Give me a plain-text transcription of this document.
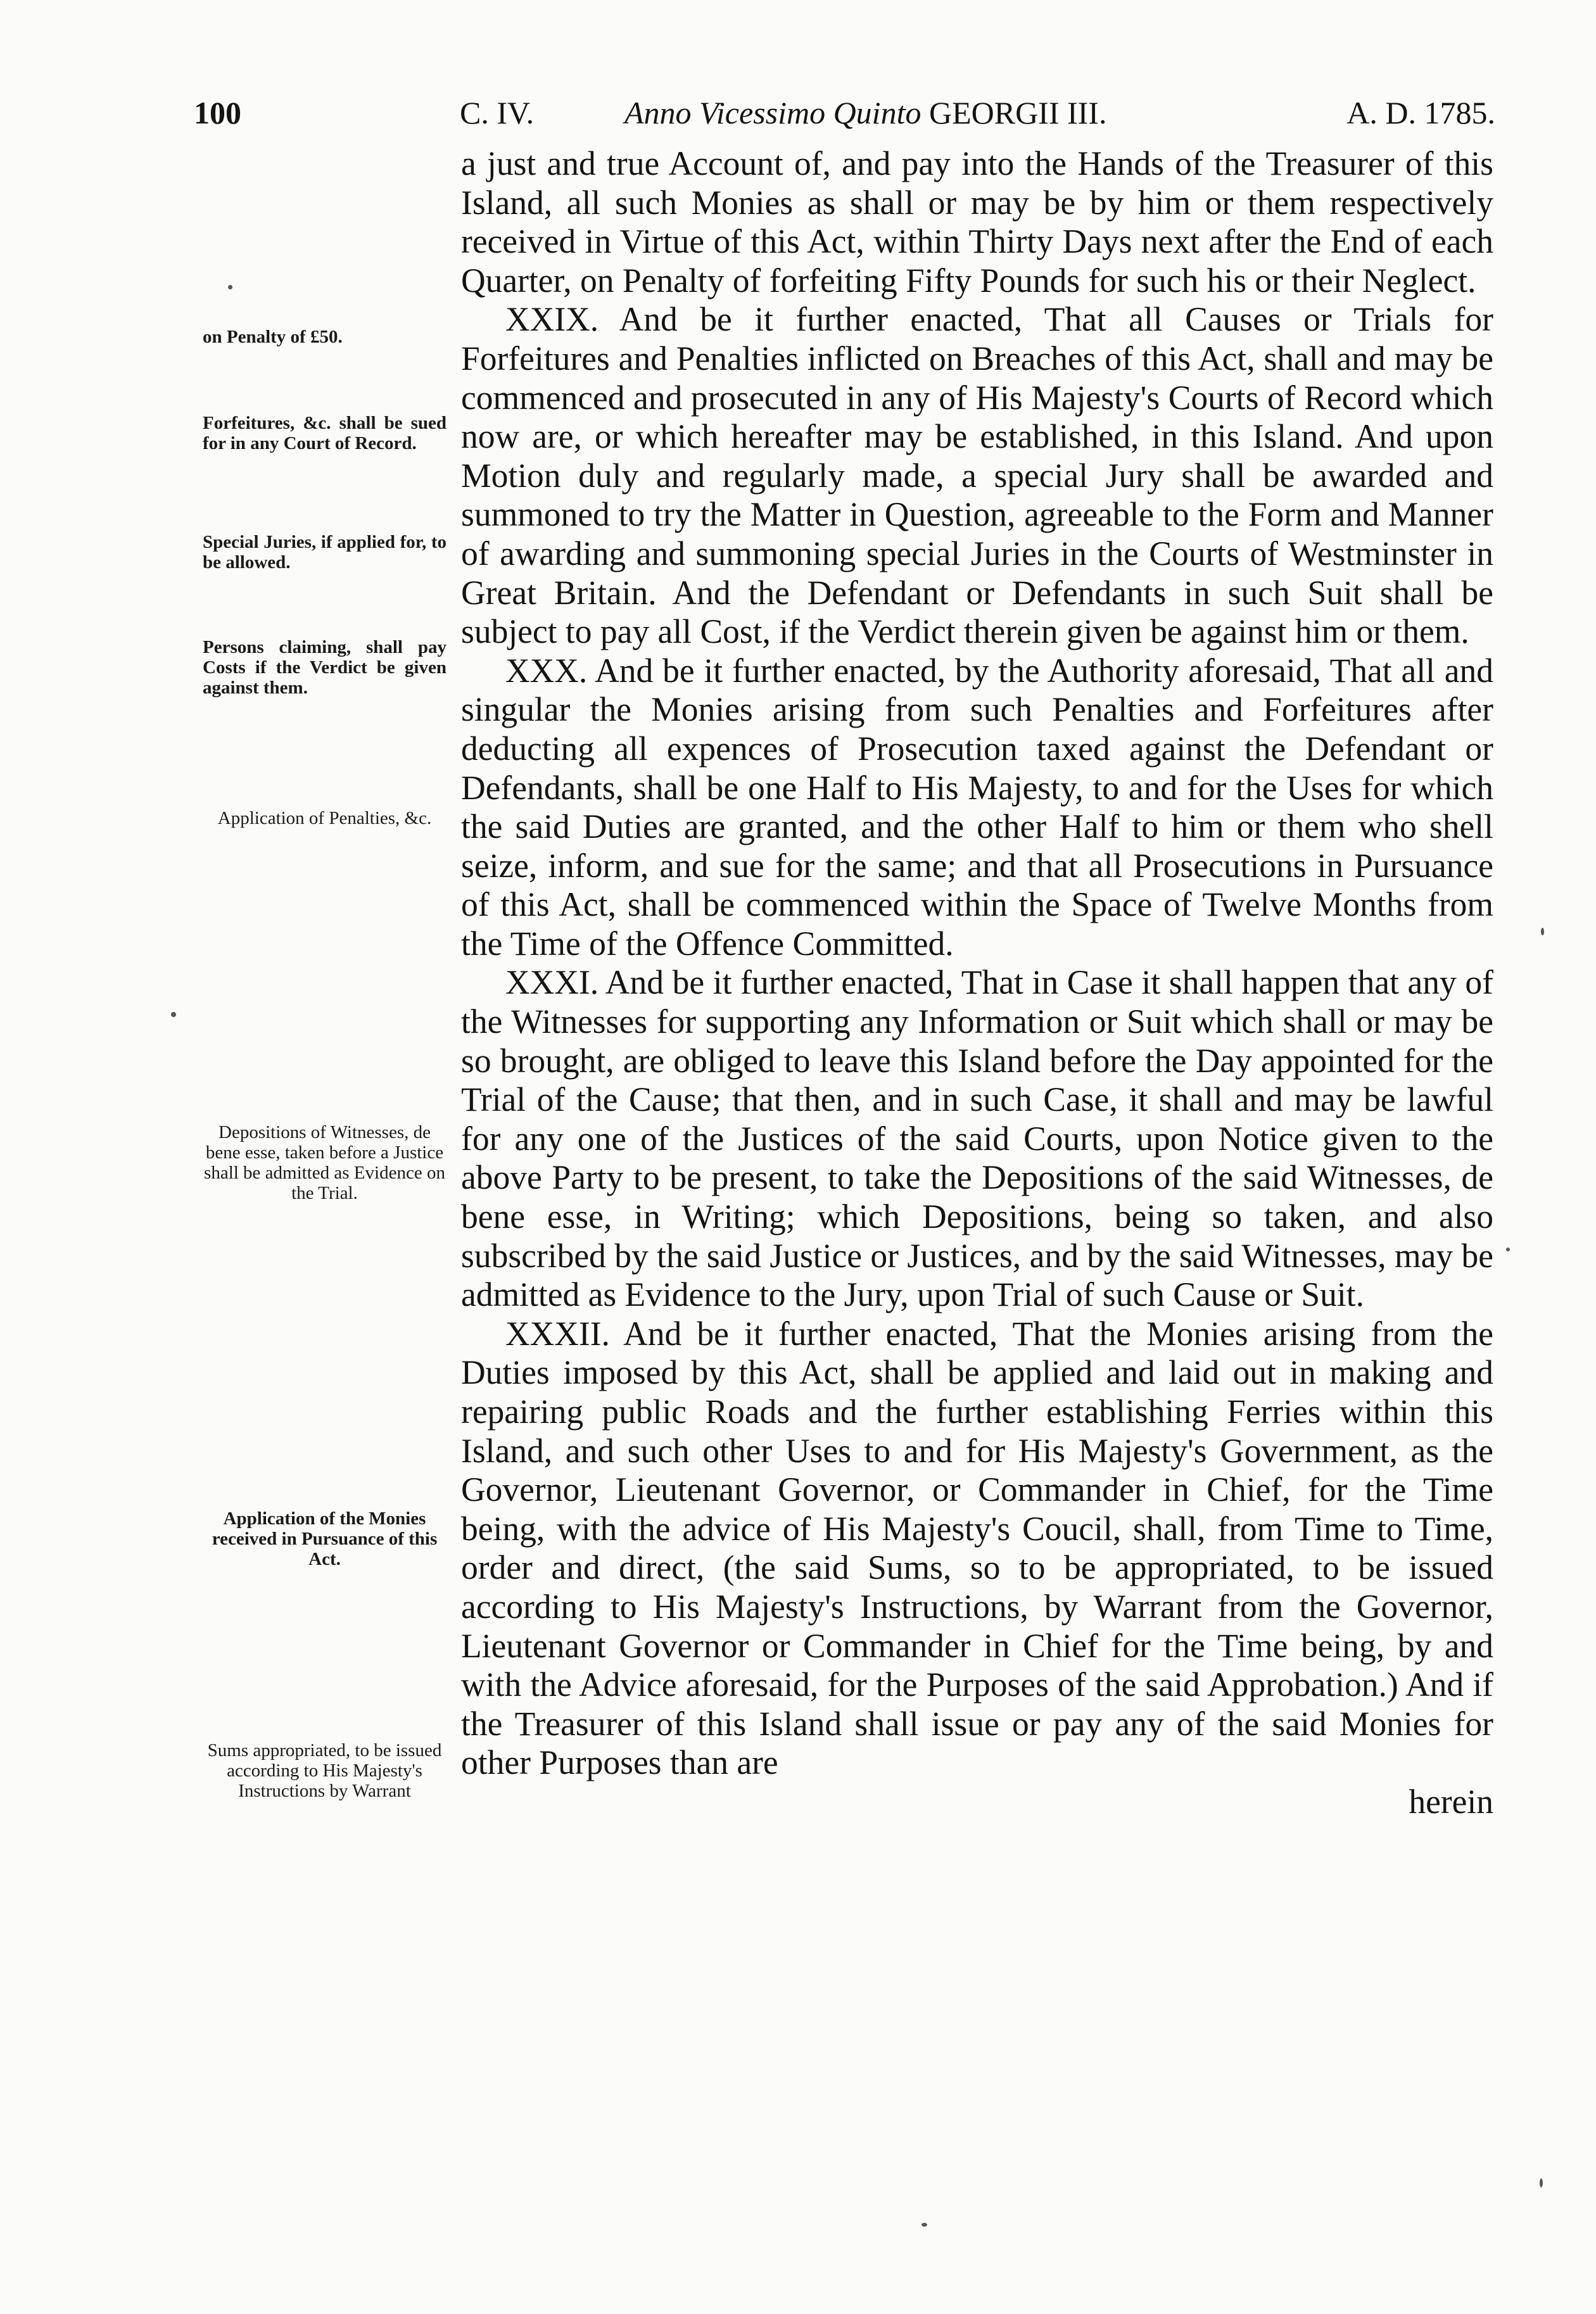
100	C. IV.	Anno Vicessimo Quinto GEORGII III.	A. D. 1785.
on Penalty of £50.
Forfeitures, &c. shall be sued for in any Court of Record.
Special Juries, if applied for, to be allowed.
Persons claiming, shall pay Costs if the Verdict be given against them.
Application of Penalties, &c.
Depositions of Witnesses, de bene esse, taken before a Justice shall be admitted as Evidence on the Trial.
Application of the Monies received in Pursuance of this Act.
Sums appropriated, to be issued according to His Majesty's Instructions by Warrant

a just and true Account of, and pay into the Hands of the Treasurer of this Island, all such Monies as shall or may be by him or them respectively received in Virtue of this Act, within Thirty Days next after the End of each Quarter, on Penalty of forfeiting Fifty Pounds for such his or their Neglect.

XXIX. And be it further enacted, That all Causes or Trials for Forfeitures and Penalties inflicted on Breaches of this Act, shall and may be commenced and prosecuted in any of His Majesty's Courts of Record which now are, or which hereafter may be established, in this Island. And upon Motion duly and regularly made, a special Jury shall be awarded and summoned to try the Matter in Question, agreeable to the Form and Manner of awarding and summoning special Juries in the Courts of Westminster in Great Britain. And the Defendant or Defendants in such Suit shall be subject to pay all Cost, if the Verdict therein given be against him or them.

XXX. And be it further enacted, by the Authority aforesaid, That all and singular the Monies arising from such Penalties and Forfeitures after deducting all expences of Prosecution taxed against the Defendant or Defendants, shall be one Half to His Majesty, to and for the Uses for which the said Duties are granted, and the other Half to him or them who shell seize, inform, and sue for the same; and that all Prosecutions in Pursuance of this Act, shall be commenced within the Space of Twelve Months from the Time of the Offence Committed.

XXXI. And be it further enacted, That in Case it shall happen that any of the Witnesses for supporting any Information or Suit which shall or may be so brought, are obliged to leave this Island before the Day appointed for the Trial of the Cause; that then, and in such Case, it shall and may be lawful for any one of the Justices of the said Courts, upon Notice given to the above Party to be present, to take the Depositions of the said Witnesses, de bene esse, in Writing; which Depositions, being so taken, and also subscribed by the said Justice or Justices, and by the said Witnesses, may be admitted as Evidence to the Jury, upon Trial of such Cause or Suit.

XXXII. And be it further enacted, That the Monies arising from the Duties imposed by this Act, shall be applied and laid out in making and repairing public Roads and the further establishing Ferries within this Island, and such other Uses to and for His Majesty's Government, as the Governor, Lieutenant Governor, or Commander in Chief, for the Time being, with the advice of His Majesty's Coucil, shall, from Time to Time, order and direct, (the said Sums, so to be appropriated, to be issued according to His Majesty's Instructions, by Warrant from the Governor, Lieutenant Governor or Commander in Chief for the Time being, by and with the Advice aforesaid, for the Purposes of the said Approbation.) And if the Treasurer of this Island shall issue or pay any of the said Monies for other Purposes than are

herein
